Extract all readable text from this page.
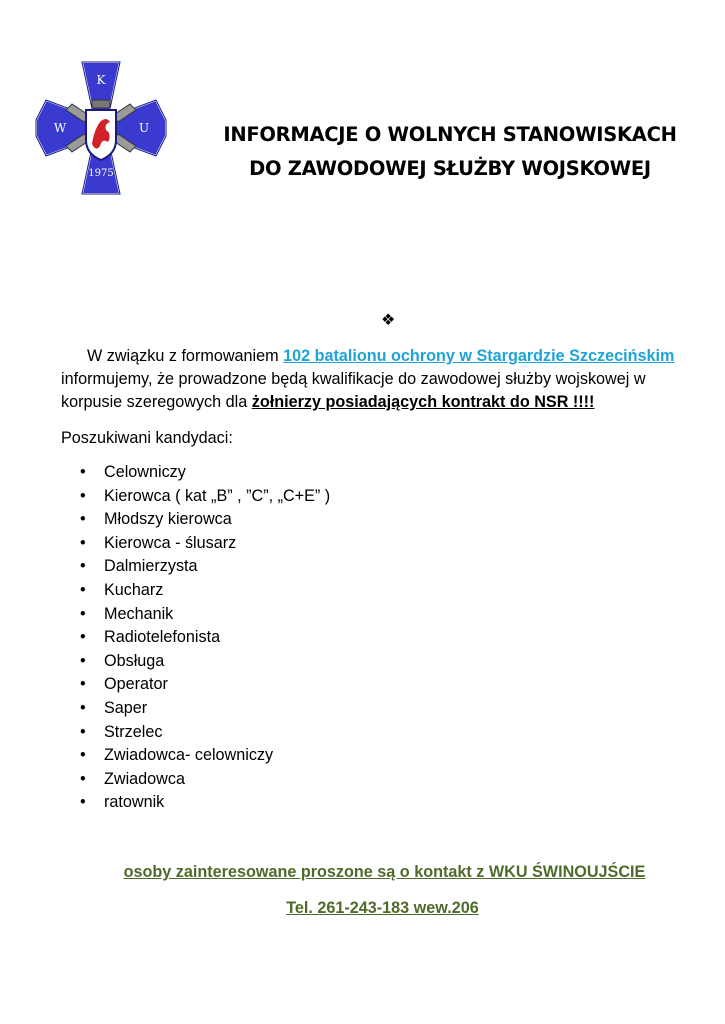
K
W	U
1975
INFORMACJE O WOLNYCH STANOWISKACH
DO ZAWODOWEJ SŁUŻBY WOJSKOWEJ
❖
W związku z formowaniem 102 batalionu ochrony w Stargardzie Szczecińskim informujemy, że prowadzone będą kwalifikacje do zawodowej służby wojskowej w korpusie szeregowych dla żołnierzy posiadających kontrakt do NSR !!!!
Poszukiwani kandydaci:
• Celowniczy
• Kierowca ( kat „B” , ”C”, „C+E” )
• Młodszy kierowca
• Kierowca - ślusarz
• Dalmierzysta
• Kucharz
• Mechanik
• Radiotelefonista
• Obsługa
• Operator
• Saper
• Strzelec
• Zwiadowca- celowniczy
• Zwiadowca
• ratownik
osoby zainteresowane proszone są o kontakt z WKU ŚWINOUJŚCIE
Tel. 261-243-183 wew.206
